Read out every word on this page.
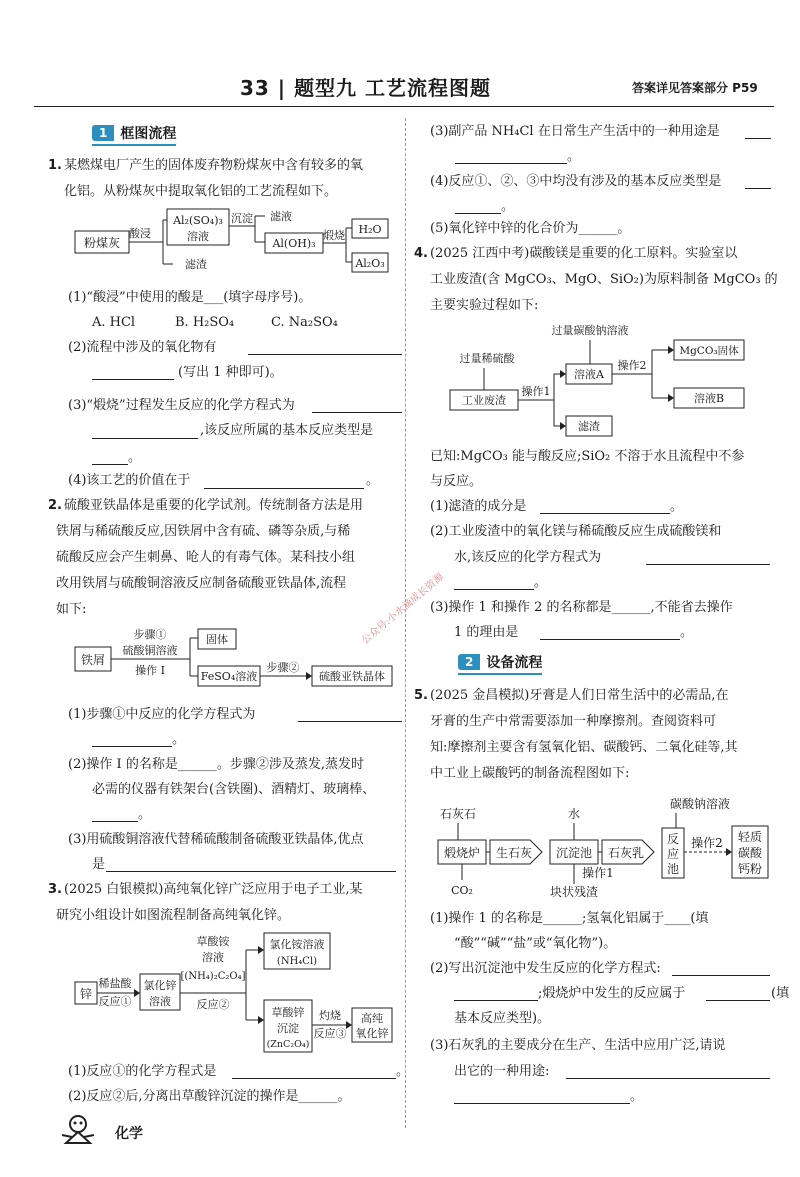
33 | 题型九 工艺流程图题	答案详见答案部分 P59
1 框图流程
1. 某燃煤电厂产生的固体废弃物粉煤灰中含有较多的氧
化铝。从粉煤灰中提取氧化铝的工艺流程如下。
粉煤灰
酸浸
Al₂(SO₄)₃
溶液
滤渣
沉淀 滤液
Al(OH)₃
煅烧 H₂O
Al₂O₃
(1)“酸浸”中使用的酸是___(填字母序号)。
A. HCl	B. H₂SO₄	C. Na₂SO₄
(2)流程中涉及的氧化物有
(写出 1 种即可)。
(3)“煅烧”过程发生反应的化学方程式为
,该反应所属的基本反应类型是
。
(4)该工艺的价值在于	。
2. 硫酸亚铁晶体是重要的化学试剂。传统制备方法是用
铁屑与稀硫酸反应,因铁屑中含有硫、磷等杂质,与稀
硫酸反应会产生刺鼻、呛人的有毒气体。某科技小组
改用铁屑与硫酸铜溶液反应制备硫酸亚铁晶体,流程
如下:
铁屑
步骤①
硫酸铜溶液
操作 I
固体
FeSO₄溶液
步骤②
硫酸亚铁晶体
(1)步骤①中反应的化学方程式为
。
(2)操作 I 的名称是______。步骤②涉及蒸发,蒸发时
必需的仪器有铁架台(含铁圈)、酒精灯、玻璃棒、
。
(3)用硫酸铜溶液代替稀硫酸制备硫酸亚铁晶体,优点
是
3. (2025 白银模拟)高纯氧化锌广泛应用于电子工业,某
研究小组设计如图流程制备高纯氧化锌。
锌
稀盐酸
反应①
氯化锌
溶液
草酸铵
溶液
[(NH₄)₂C₂O₄]
反应②
氯化铵溶液
(NH₄Cl)
草酸锌
沉淀
(ZnC₂O₄)
灼烧
反应③
高纯
氧化锌
(1)反应①的化学方程式是	。
(2)反应②后,分离出草酸锌沉淀的操作是______。
(3)副产品 NH₄Cl 在日常生产生活中的一种用途是
。
(4)反应①、②、③中均没有涉及的基本反应类型是
。
(5)氧化锌中锌的化合价为______。
4. (2025 江西中考)碳酸镁是重要的化工原料。实验室以
工业废渣(含 MgCO₃、MgO、SiO₂)为原料制备 MgCO₃ 的
主要实验过程如下:
过量碳酸钠溶液
过量稀硫酸
工业废渣
操作1
溶液A
滤渣
操作2
MgCO₃固体
溶液B
已知:MgCO₃ 能与酸反应;SiO₂ 不溶于水且流程中不参
与反应。
(1)滤渣的成分是	。
(2)工业废渣中的氧化镁与稀硫酸反应生成硫酸镁和
水,该反应的化学方程式为
。
(3)操作 1 和操作 2 的名称都是______,不能省去操作
1 的理由是	。
2 设备流程
5. (2025 金昌模拟)牙膏是人们日常生活中的必需品,在
牙膏的生产中常需要添加一种摩擦剂。查阅资料可
知:摩擦剂主要含有氢氧化铝、碳酸钙、二氧化硅等,其
中工业上碳酸钙的制备流程图如下:
石灰石	水
碳酸钠溶液
煅烧炉 生石灰 沉淀池 石灰乳
反
应
池
操作2 轻质
碳酸
钙粉
CO₂
操作1
块状残渣
(1)操作 1 的名称是______;氢氧化铝属于____(填
“酸”“碱”“盐”或“氧化物”)。
(2)写出沉淀池中发生反应的化学方程式:
;煅烧炉中发生的反应属于	(填
基本反应类型)。
(3)石灰乳的主要成分在生产、生活中应用广泛,请说
出它的一种用途:
。
化学
公众号:小水滴成长资源
